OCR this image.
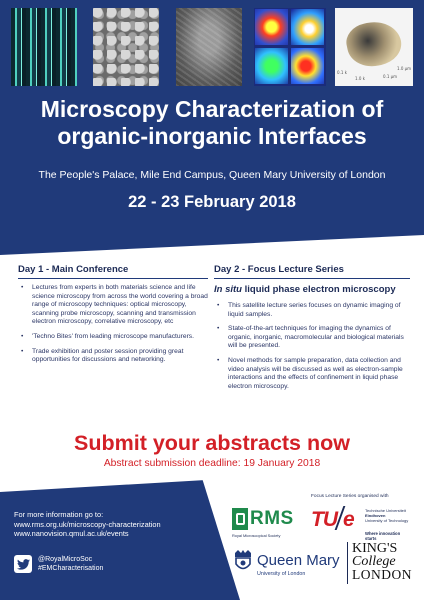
0.1 k
1.0 k	0.1 µm
1.0 µm
Microscopy Characterization of organic-inorganic Interfaces
The People's Palace, Mile End Campus, Queen Mary University of London
22 - 23 February 2018
Day 1 - Main Conference
• Lectures from experts in both materials science and life science microscopy from across the world covering a broad range of microscopy techniques: optical microscopy, scanning probe microscopy, scanning and transmission electron microscopy, correlative microscopy, etc
• 'Techno Bites' from leading microscope manufacturers.
• Trade exhibition and poster session providing great opportunities for discussions and networking.
Day 2 - Focus Lecture Series
In situ liquid phase electron microscopy
• This satellite lecture series focuses on dynamic imaging of liquid samples.
• State-of-the-art techniques for imaging the dynamics of organic, inorganic, macromolecular and biological materials will be presented.
• Novel methods for sample preparation, data collection and video analysis will be discussed as well as electron-sample interactions and the effects of confinement in liquid phase electron microscopy.
Submit your abstracts now
Abstract submission deadline: 19 January 2018
For more information go to:
www.rms.org.uk/microscopy-characterization
www.nanovision.qmul.ac.uk/events
@RoyalMicroSoc
#EMCharacterisation
Focus Lecture Series organised with
RMS
Royal Microscopical Society
TU e	Technische Universiteit
Eindhoven
University of Technology
Where innovation starts
Queen Mary
University of London
KING'S
College
LONDON
